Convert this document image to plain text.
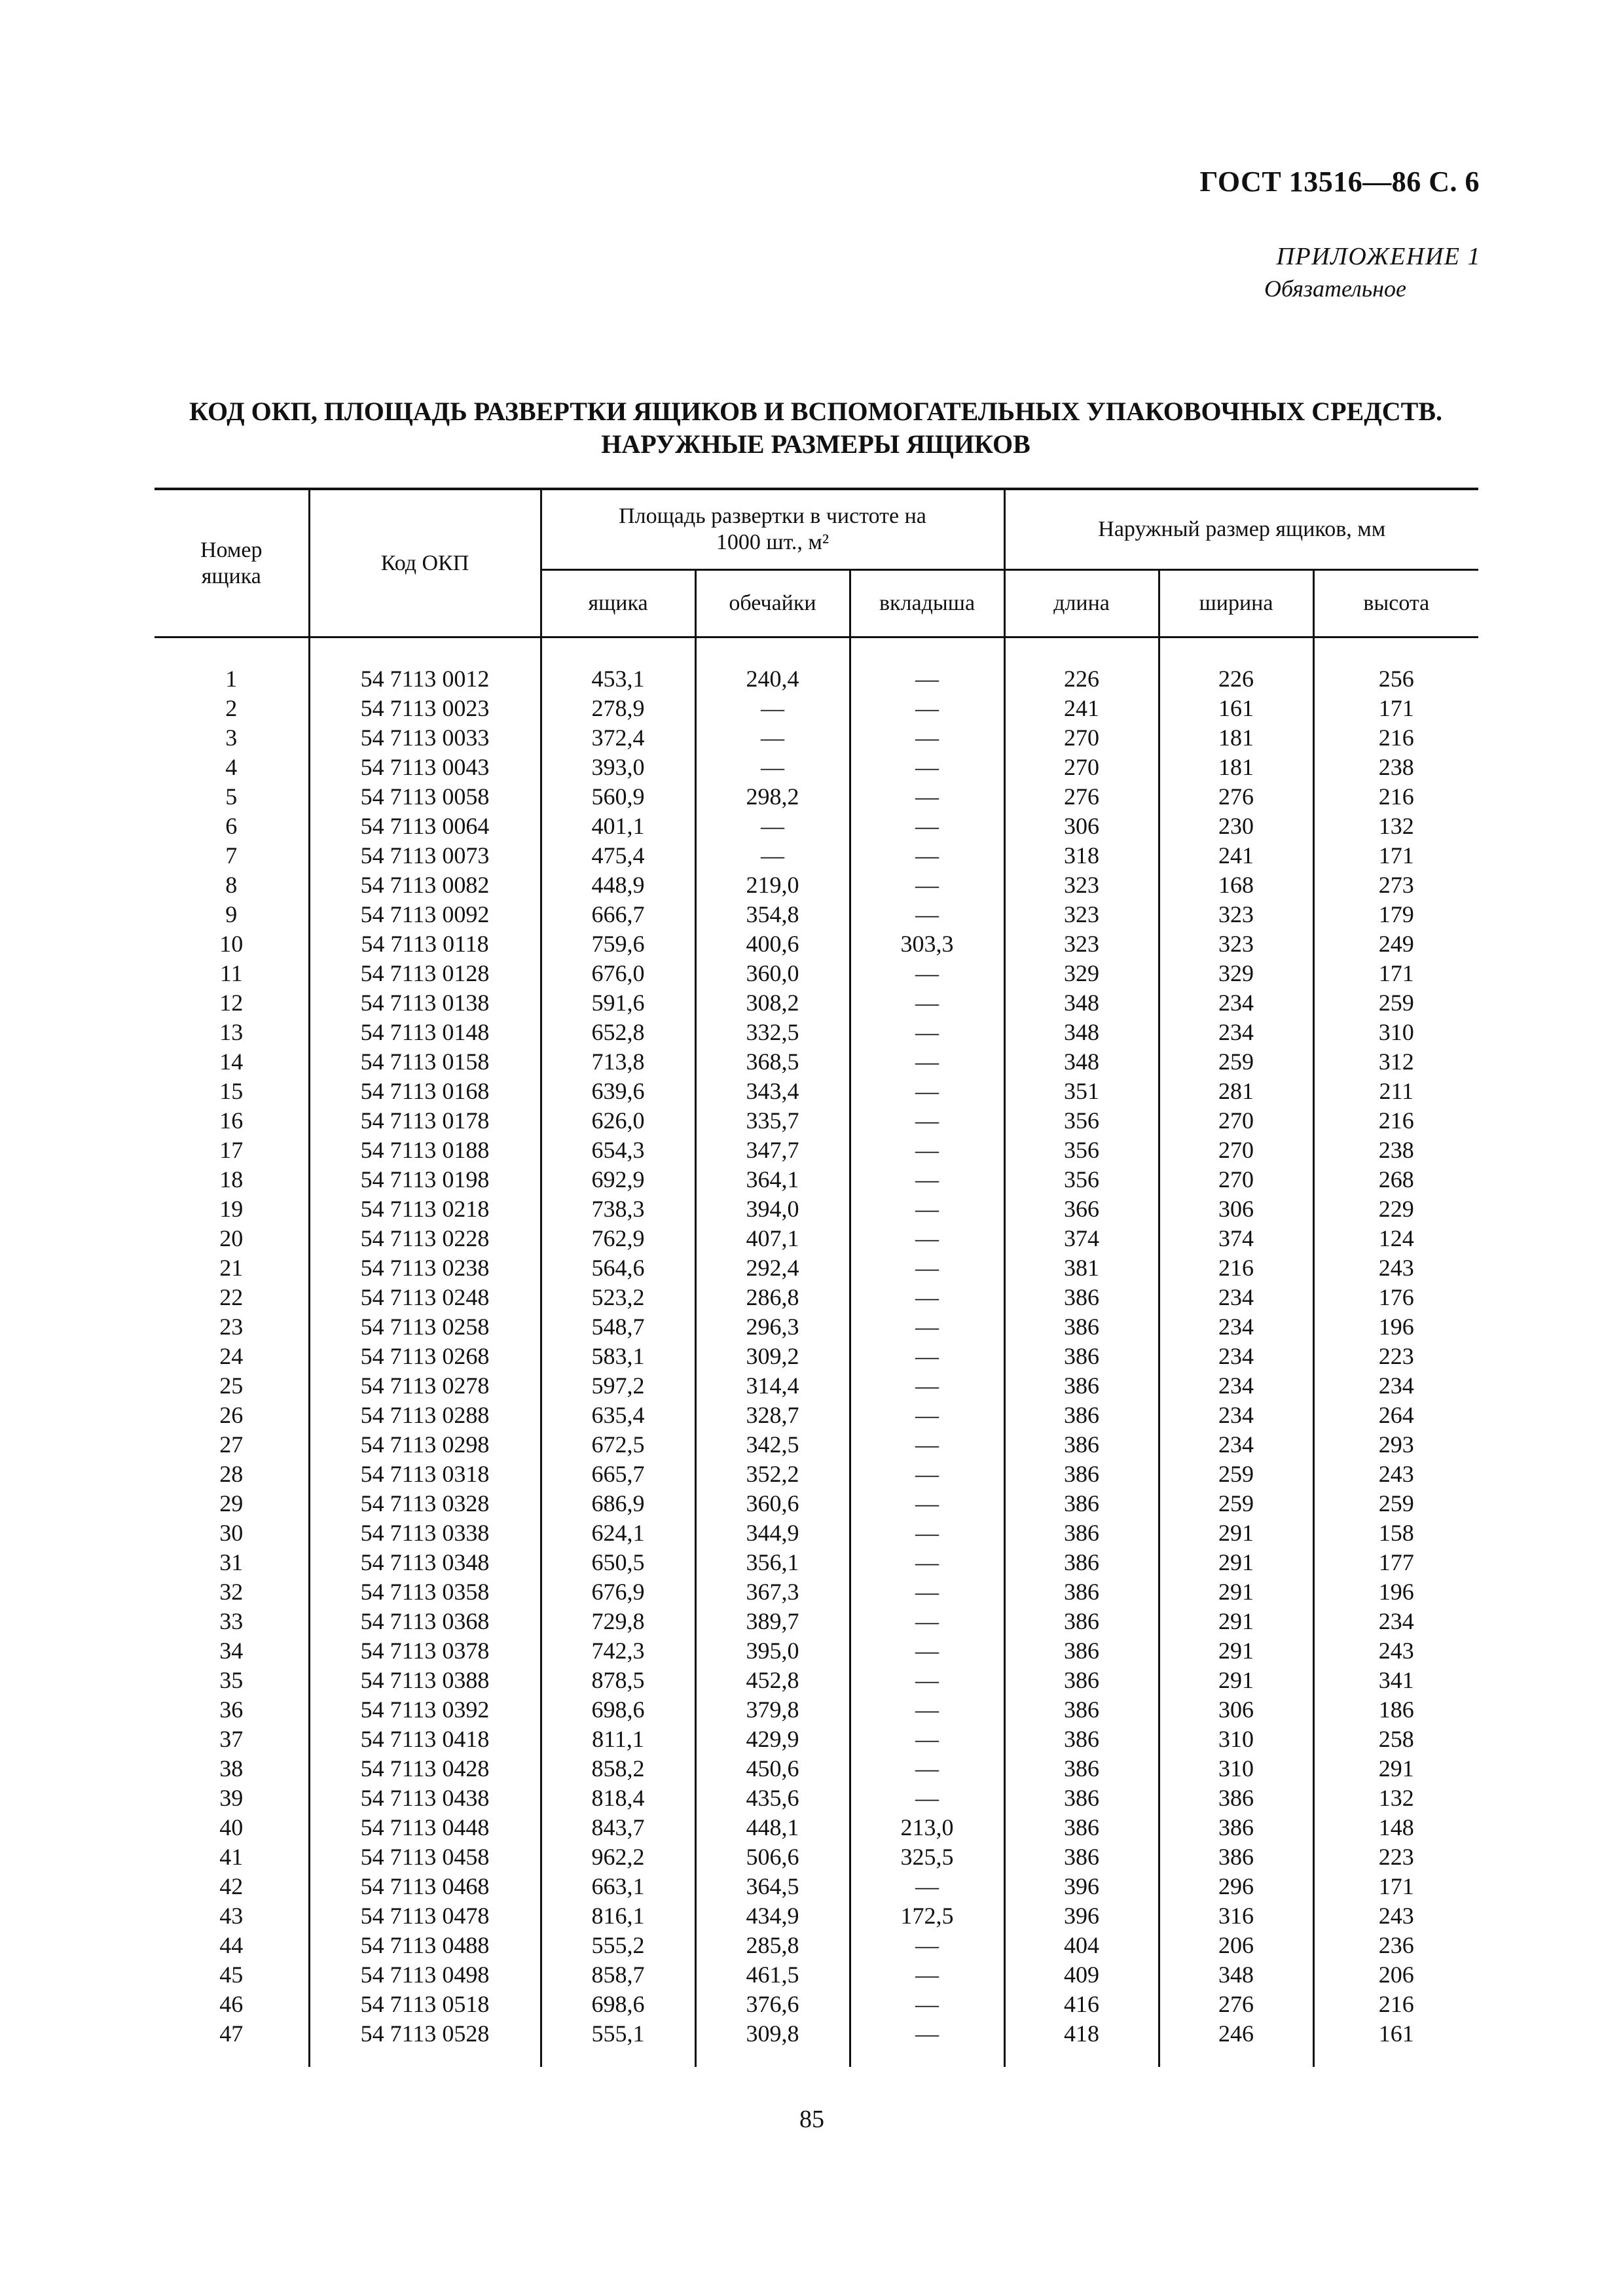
ГОСТ 13516—86 С. 6
ПРИЛОЖЕНИЕ 1
Обязательное
КОД ОКП, ПЛОЩАДЬ РАЗВЕРТКИ ЯЩИКОВ И ВСПОМОГАТЕЛЬНЫХ УПАКОВОЧНЫХ СРЕДСТВ.
НАРУЖНЫЕ РАЗМЕРЫ ЯЩИКОВ
Номер ящика	Код ОКП	Площадь развертки в чистоте на 1000 шт., м²			Наружный размер ящиков, мм		
		ящика	обечайки	вкладыша	длина	ширина	высота
1	54 7113 0012	453,1	240,4	—	226	226	256
2	54 7113 0023	278,9	—	—	241	161	171
3	54 7113 0033	372,4	—	—	270	181	216
4	54 7113 0043	393,0	—	—	270	181	238
5	54 7113 0058	560,9	298,2	—	276	276	216
6	54 7113 0064	401,1	—	—	306	230	132
7	54 7113 0073	475,4	—	—	318	241	171
8	54 7113 0082	448,9	219,0	—	323	168	273
9	54 7113 0092	666,7	354,8	—	323	323	179
10	54 7113 0118	759,6	400,6	303,3	323	323	249
11	54 7113 0128	676,0	360,0	—	329	329	171
12	54 7113 0138	591,6	308,2	—	348	234	259
13	54 7113 0148	652,8	332,5	—	348	234	310
14	54 7113 0158	713,8	368,5	—	348	259	312
15	54 7113 0168	639,6	343,4	—	351	281	211
16	54 7113 0178	626,0	335,7	—	356	270	216
17	54 7113 0188	654,3	347,7	—	356	270	238
18	54 7113 0198	692,9	364,1	—	356	270	268
19	54 7113 0218	738,3	394,0	—	366	306	229
20	54 7113 0228	762,9	407,1	—	374	374	124
21	54 7113 0238	564,6	292,4	—	381	216	243
22	54 7113 0248	523,2	286,8	—	386	234	176
23	54 7113 0258	548,7	296,3	—	386	234	196
24	54 7113 0268	583,1	309,2	—	386	234	223
25	54 7113 0278	597,2	314,4	—	386	234	234
26	54 7113 0288	635,4	328,7	—	386	234	264
27	54 7113 0298	672,5	342,5	—	386	234	293
28	54 7113 0318	665,7	352,2	—	386	259	243
29	54 7113 0328	686,9	360,6	—	386	259	259
30	54 7113 0338	624,1	344,9	—	386	291	158
31	54 7113 0348	650,5	356,1	—	386	291	177
32	54 7113 0358	676,9	367,3	—	386	291	196
33	54 7113 0368	729,8	389,7	—	386	291	234
34	54 7113 0378	742,3	395,0	—	386	291	243
35	54 7113 0388	878,5	452,8	—	386	291	341
36	54 7113 0392	698,6	379,8	—	386	306	186
37	54 7113 0418	811,1	429,9	—	386	310	258
38	54 7113 0428	858,2	450,6	—	386	310	291
39	54 7113 0438	818,4	435,6	—	386	386	132
40	54 7113 0448	843,7	448,1	213,0	386	386	148
41	54 7113 0458	962,2	506,6	325,5	386	386	223
42	54 7113 0468	663,1	364,5	—	396	296	171
43	54 7113 0478	816,1	434,9	172,5	396	316	243
44	54 7113 0488	555,2	285,8	—	404	206	236
45	54 7113 0498	858,7	461,5	—	409	348	206
46	54 7113 0518	698,6	376,6	—	416	276	216
47	54 7113 0528	555,1	309,8	—	418	246	161
85
